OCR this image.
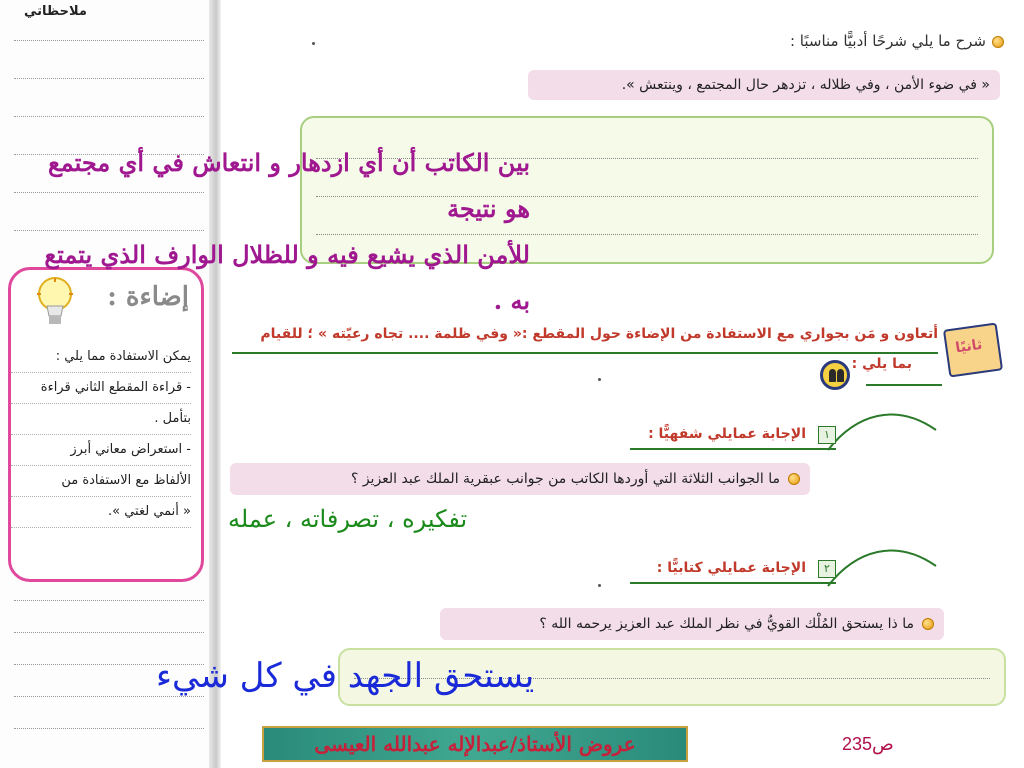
ملاحظاتي
إضاءة :
يمكن الاستفادة مما يلي :
- قراءة المقطع الثاني قراءة
بتأمل .
- استعراض معاني أبرز
الألفاظ مع الاستفادة من
« أنمي لغتي ».
شرح ما يلي شرحًا أدبيًّا مناسبًا :
« في ضوء الأمن ، وفي ظلاله ، تزدهر حال المجتمع ، وينتعش ».
بين الكاتب أن أي ازدهار و انتعاش في أي مجتمع هو نتيجة
للأمن الذي يشيع فيه و للظلال الوارف الذي يتمتع به .
ثانيًا
أتعاون و مَن بجواري مع الاستفادة من الإضاءة حول المقطع :« وفي ظلمة .... تجاه رعيّته » ؛ للقيام
بما يلي :
١
الإجابة عمايلي شفهيًّا :
ما الجوانب الثلاثة التي أوردها الكاتب من جوانب عبقرية الملك عبد العزيز ؟
تفكيره ، تصرفاته ، عمله
٢
الإجابة عمايلي كتابيًّا :
ما ذا يستحق المُلْك القويُّ في نظر الملك عبد العزيز يرحمه الله ؟
يستحق الجهد في كل شيء
عروض الأستاذ/عبدالإله عبدالله العيسى	ص235
